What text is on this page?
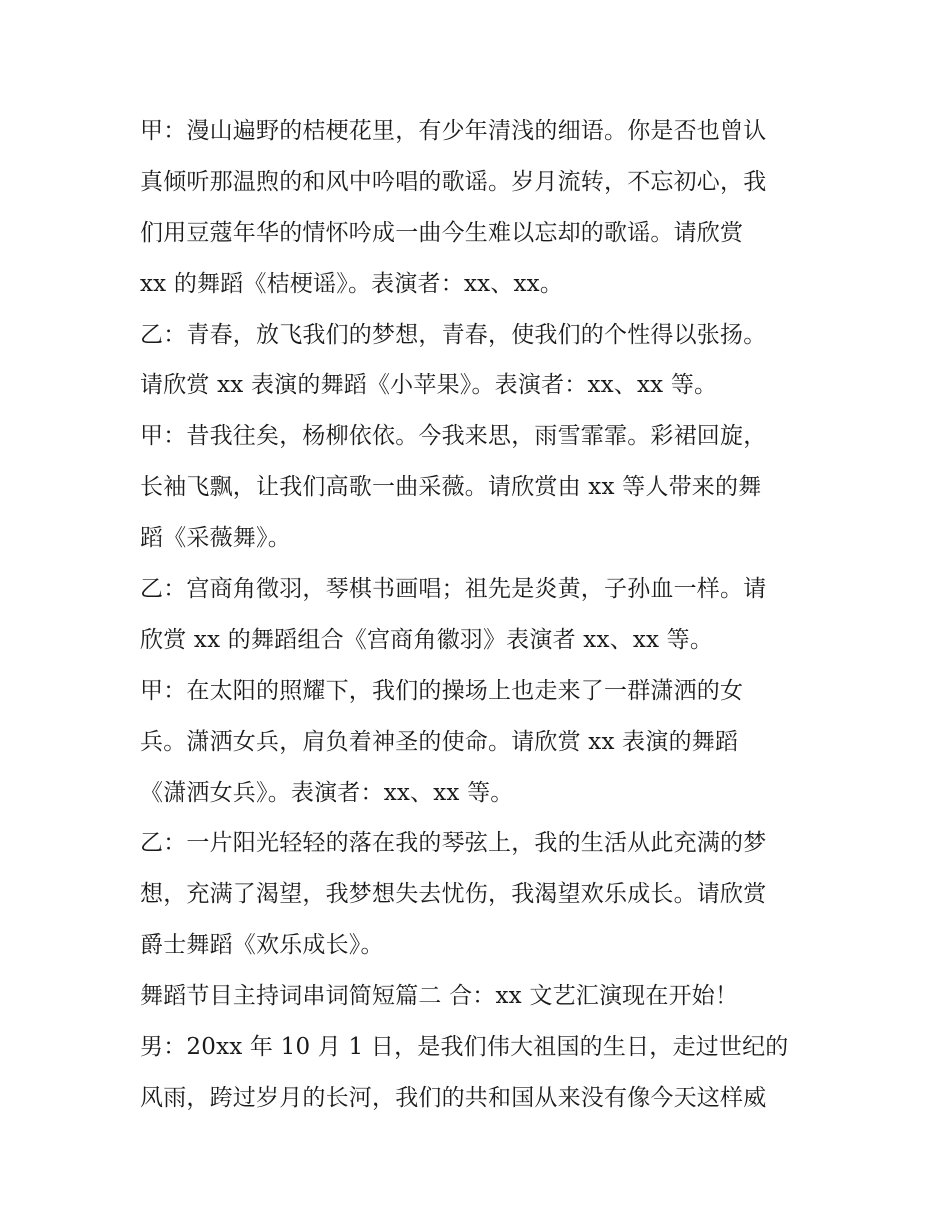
甲：漫山遍野的桔梗花里，有少年清浅的细语。你是否也曾认
真倾听那温煦的和风中吟唱的歌谣。岁月流转，不忘初心，我
们用豆蔻年华的情怀吟成一曲今生难以忘却的歌谣。请欣赏
xx 的舞蹈《桔梗谣》。表演者：xx、xx。
乙：青春，放飞我们的梦想，青春，使我们的个性得以张扬。
请欣赏 xx 表演的舞蹈《小苹果》。表演者：xx、xx 等。
甲：昔我往矣，杨柳依依。今我来思，雨雪霏霏。彩裙回旋，
长袖飞飘，让我们高歌一曲采薇。请欣赏由 xx 等人带来的舞
蹈《采薇舞》。
乙：宫商角徵羽，琴棋书画唱；祖先是炎黄，子孙血一样。请
欣赏 xx 的舞蹈组合《宫商角徽羽》表演者 xx、xx 等。
甲：在太阳的照耀下，我们的操场上也走来了一群潇洒的女
兵。潇洒女兵，肩负着神圣的使命。请欣赏 xx 表演的舞蹈
《潇洒女兵》。表演者：xx、xx 等。
乙：一片阳光轻轻的落在我的琴弦上，我的生活从此充满的梦
想，充满了渴望，我梦想失去忧伤，我渴望欢乐成长。请欣赏
爵士舞蹈《欢乐成长》。
舞蹈节目主持词串词简短篇二 合：xx 文艺汇演现在开始！
男：20xx 年 10 月 1 日，是我们伟大祖国的生日，走过世纪的
风雨，跨过岁月的长河，我们的共和国从来没有像今天这样威
